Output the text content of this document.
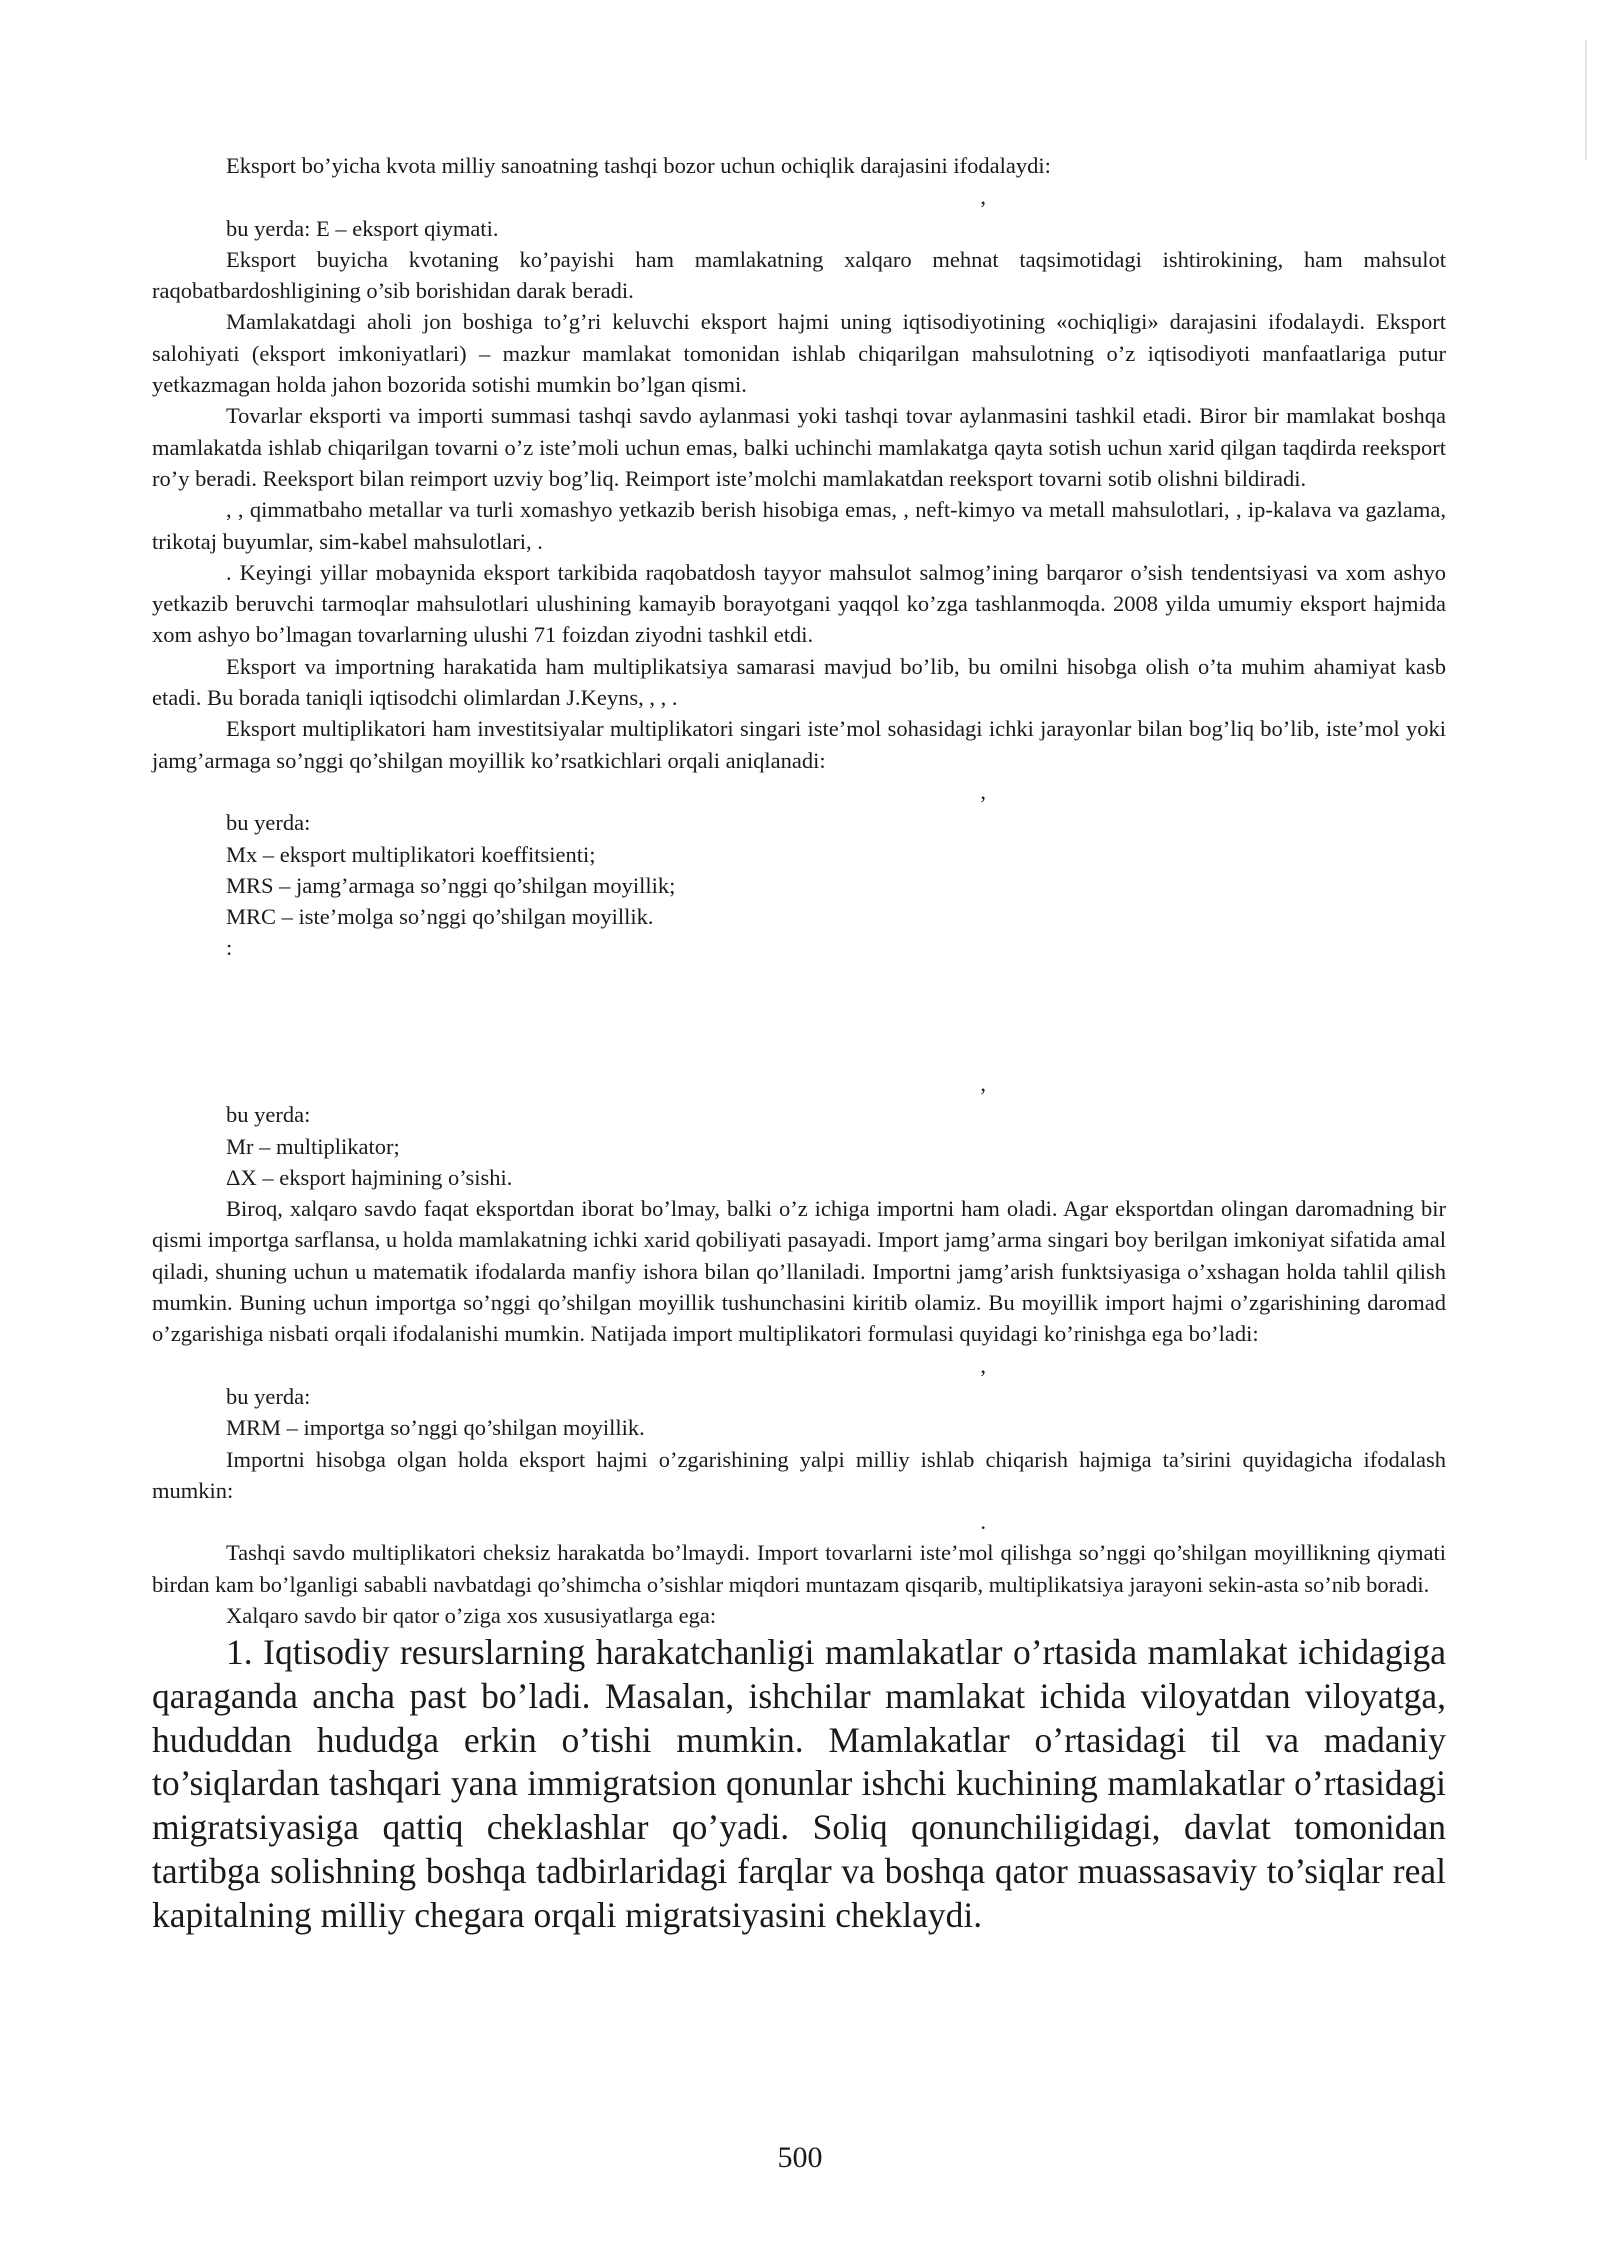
Eksport bo’yicha kvota milliy sanoatning tashqi bozor uchun ochiqlik darajasini ifodalaydi:

,

bu yerda: E – eksport qiymati.

Eksport buyicha kvotaning ko’payishi ham mamlakatning xalqaro mehnat taqsimotidagi ishtirokining, ham mahsulot raqobatbardoshligining o’sib borishidan darak beradi.

Mamlakatdagi aholi jon boshiga to’g’ri keluvchi eksport hajmi uning iqtisodiyotining «ochiqligi» darajasini ifodalaydi. Eksport salohiyati (eksport imkoniyatlari) – mazkur mamlakat tomonidan ishlab chiqarilgan mahsulotning o’z iqtisodiyoti manfaatlariga putur yetkazmagan holda jahon bozorida sotishi mumkin bo’lgan qismi.

Tovarlar eksporti va importi summasi tashqi savdo aylanmasi yoki tashqi tovar aylanmasini tashkil etadi. Biror bir mamlakat boshqa mamlakatda ishlab chiqarilgan tovarni o’z iste’moli uchun emas, balki uchinchi mamlakatga qayta sotish uchun xarid qilgan taqdirda reeksport ro’y beradi. Reeksport bilan reimport uzviy bog’liq. Reimport iste’molchi mamlakatdan reeksport tovarni sotib olishni bildiradi.

, , qimmatbaho metallar va turli xomashyo yetkazib berish hisobiga emas, , neft-kimyo va metall mahsulotlari, , ip-kalava va gazlama, trikotaj buyumlar, sim-kabel mahsulotlari, .

. Keyingi yillar mobaynida eksport tarkibida raqobatdosh tayyor mahsulot salmog’ining barqaror o’sish tendentsiyasi va xom ashyo yetkazib beruvchi tarmoqlar mahsulotlari ulushining kamayib borayotgani yaqqol ko’zga tashlanmoqda. 2008 yilda umumiy eksport hajmida xom ashyo bo’lmagan tovarlarning ulushi 71 foizdan ziyodni tashkil etdi.

Eksport va importning harakatida ham multiplikatsiya samarasi mavjud bo’lib, bu omilni hisobga olish o’ta muhim ahamiyat kasb etadi. Bu borada taniqli iqtisodchi olimlardan J.Keyns, , , .

Eksport multiplikatori ham investitsiyalar multiplikatori singari iste’mol sohasidagi ichki jarayonlar bilan bog’liq bo’lib, iste’mol yoki jamg’armaga so’nggi qo’shilgan moyillik ko’rsatkichlari orqali aniqlanadi:

,

bu yerda:

Mx – eksport multiplikatori koeffitsienti;

MRS – jamg’armaga so’nggi qo’shilgan moyillik;

MRC – iste’molga so’nggi qo’shilgan moyillik.

:

,

bu yerda:

Mr – multiplikator;

ΔX – eksport hajmining o’sishi.

Biroq, xalqaro savdo faqat eksportdan iborat bo’lmay, balki o’z ichiga importni ham oladi. Agar eksportdan olingan daromadning bir qismi importga sarflansa, u holda mamlakatning ichki xarid qobiliyati pasayadi. Import jamg’arma singari boy berilgan imkoniyat sifatida amal qiladi, shuning uchun u matematik ifodalarda manfiy ishora bilan qo’llaniladi. Importni jamg’arish funktsiyasiga o’xshagan holda tahlil qilish mumkin. Buning uchun importga so’nggi qo’shilgan moyillik tushunchasini kiritib olamiz. Bu moyillik import hajmi o’zgarishining daromad o’zgarishiga nisbati orqali ifodalanishi mumkin. Natijada import multiplikatori formulasi quyidagi ko’rinishga ega bo’ladi:

,

bu yerda:

MRM – importga so’nggi qo’shilgan moyillik.

Importni hisobga olgan holda eksport hajmi o’zgarishining yalpi milliy ishlab chiqarish hajmiga ta’sirini quyidagicha ifodalash mumkin:

.

Tashqi savdo multiplikatori cheksiz harakatda bo’lmaydi. Import tovarlarni iste’mol qilishga so’nggi qo’shilgan moyillikning qiymati birdan kam bo’lganligi sababli navbatdagi qo’shimcha o’sishlar miqdori muntazam qisqarib, multiplikatsiya jarayoni sekin-asta so’nib boradi.

Xalqaro savdo bir qator o’ziga xos xususiyatlarga ega:

1. Iqtisodiy resurslarning harakatchanligi mamlakatlar o’rtasida mamlakat ichidagiga qaraganda ancha past bo’ladi. Masalan, ishchilar mamlakat ichida viloyatdan viloyatga, hududdan hududga erkin o’tishi mumkin. Mamlakatlar o’rtasidagi til va madaniy to’siqlardan tashqari yana immigratsion qonunlar ishchi kuchining mamlakatlar o’rtasidagi migratsiyasiga qattiq cheklashlar qo’yadi. Soliq qonunchiligidagi, davlat tomonidan tartibga solishning boshqa tadbirlaridagi farqlar va boshqa qator muassasaviy to’siqlar real kapitalning milliy chegara orqali migratsiyasini cheklaydi.

500
